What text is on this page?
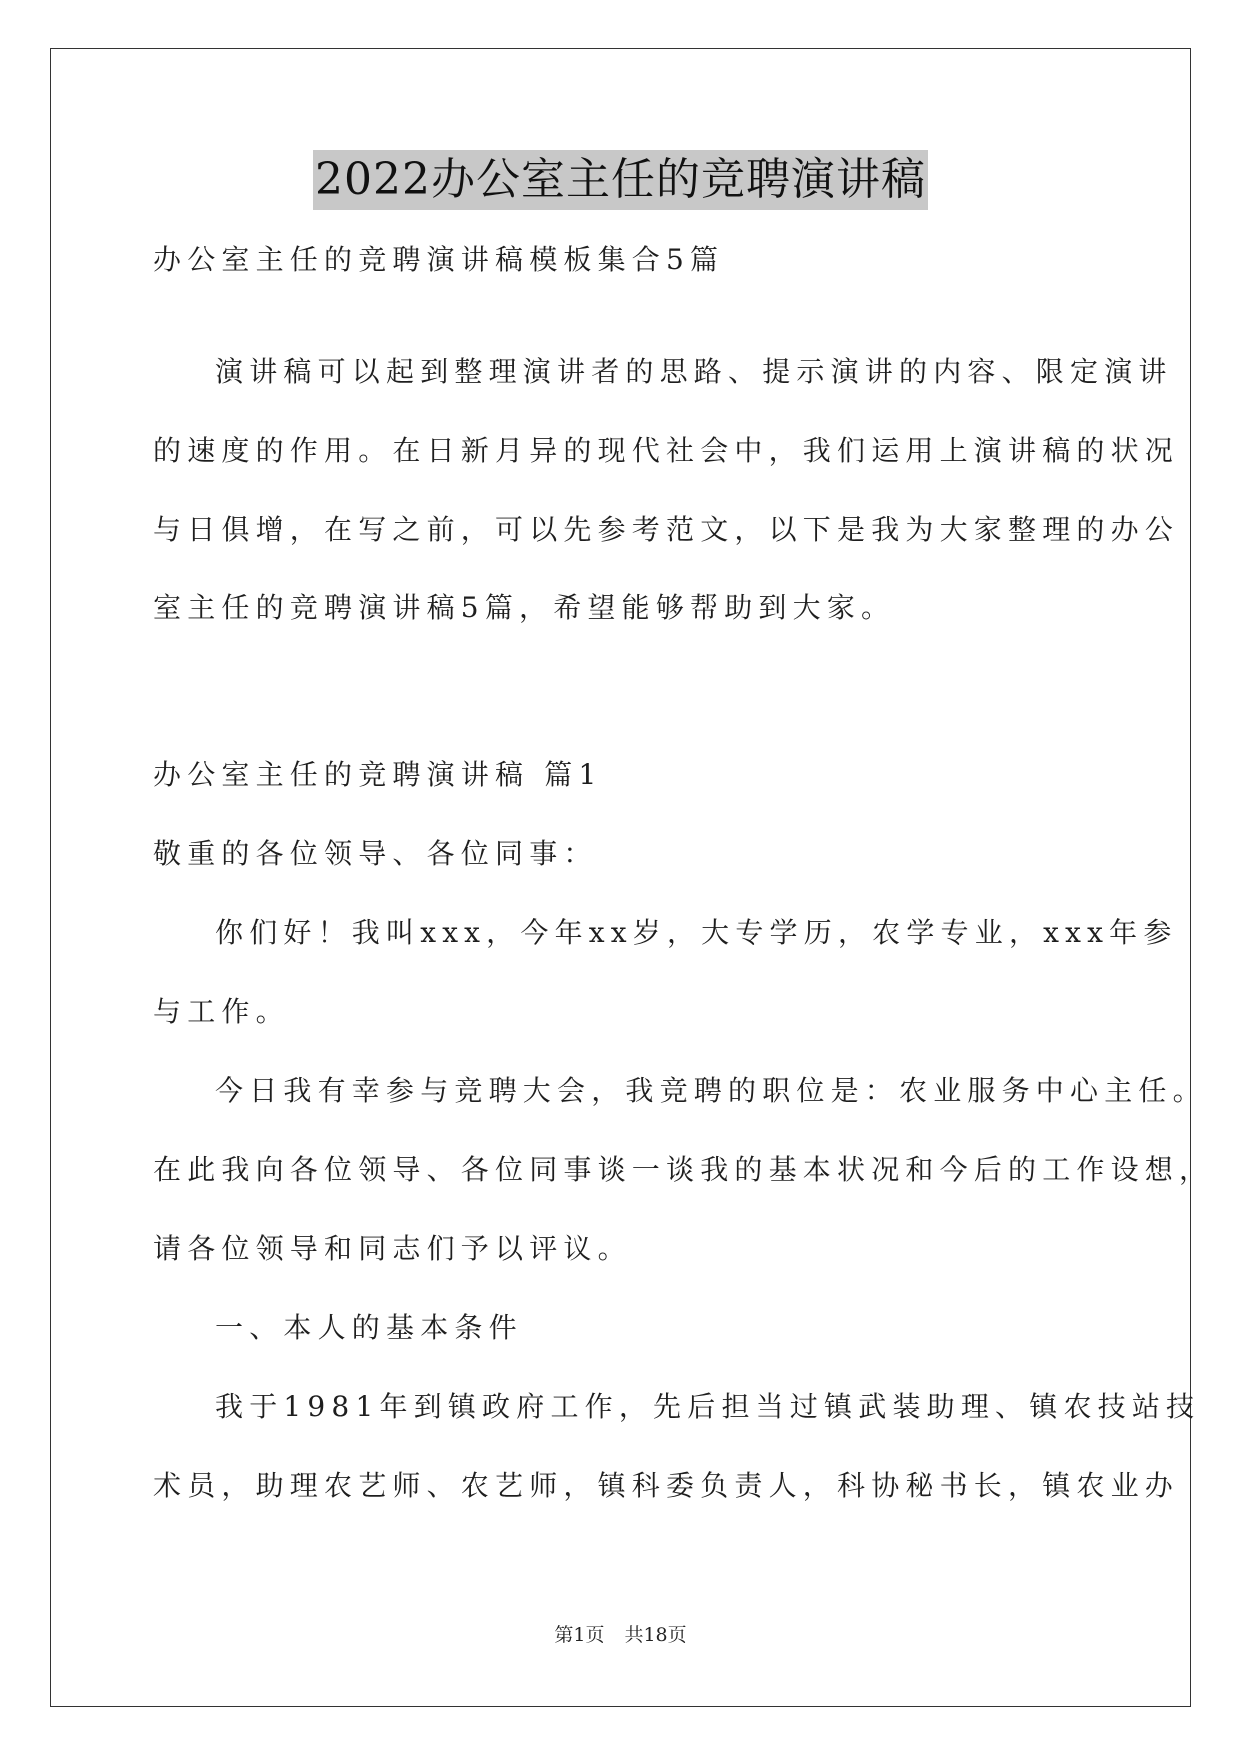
2022办公室主任的竞聘演讲稿
办公室主任的竞聘演讲稿模板集合5篇
演讲稿可以起到整理演讲者的思路、提示演讲的内容、限定演讲
的速度的作用。在日新月异的现代社会中，我们运用上演讲稿的状况
与日俱增，在写之前，可以先参考范文，以下是我为大家整理的办公
室主任的竞聘演讲稿5篇，希望能够帮助到大家。
办公室主任的竞聘演讲稿 篇1
敬重的各位领导、各位同事：
你们好！我叫xxx，今年xx岁，大专学历，农学专业，xxx年参
与工作。
今日我有幸参与竞聘大会，我竞聘的职位是：农业服务中心主任。
在此我向各位领导、各位同事谈一谈我的基本状况和今后的工作设想，
请各位领导和同志们予以评议。
一、本人的基本条件
我于1981年到镇政府工作，先后担当过镇武装助理、镇农技站技
术员，助理农艺师、农艺师，镇科委负责人，科协秘书长，镇农业办
第1页 共18页
